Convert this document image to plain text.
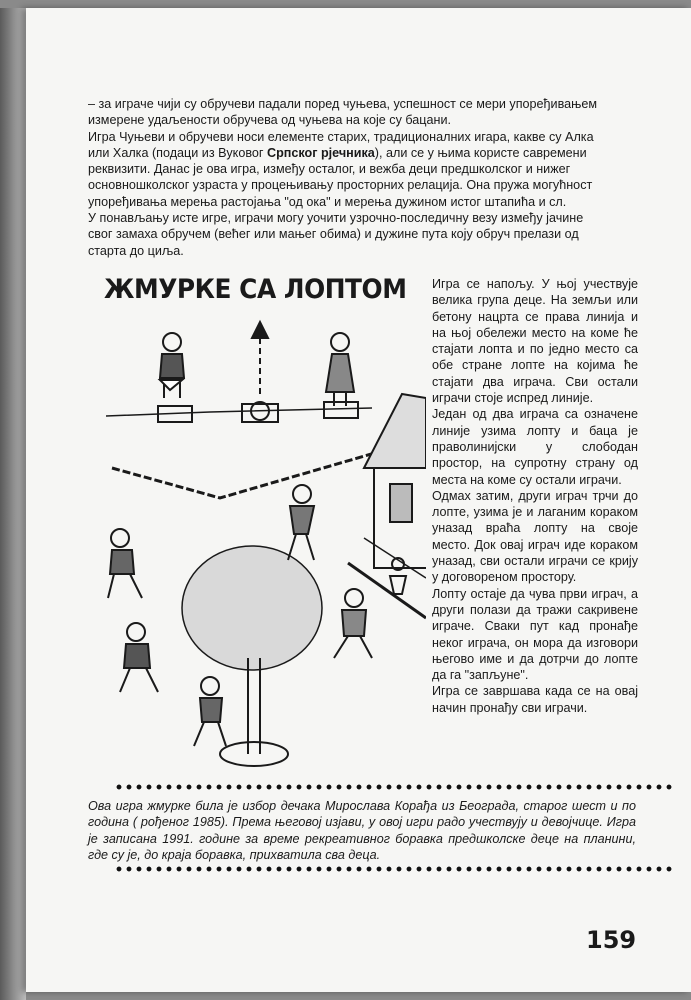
– за играче чији су обручеви падали поред чуњева, успешност се мери упоређивањем
измерене удаљености обручева од чуњева на које су бацани.
Игра Чуњеви и обручеви носи елементе старих, традиционалних игара, какве су Алка
или Халка (подаци из Вуковог Српског рјечника), али се у њима користе савремени
реквизити. Данас је ова игра, између осталог, и вежба деци предшколског и нижег
основношколског узраста у процењивању просторних релација. Она пружа могућност
упоређивања мерења растојања "од ока" и мерења дужином истог штапића и сл.
У понављању исте игре, играчи могу уочити узрочно-последичну везу између јачине
свог замаха обручем (већег или мањег обима) и дужине пута коју обруч прелази од
старта до циља.
ЖМУРКЕ СА ЛОПТОМ Игра се напољу. У њој учествује велика група деце. На земљи или бетону нацрта се права линија и на њој обележи место на коме ће стајати лопта и по једно место са обе стране лопте на којима ће стајати два играча. Сви остали играчи стоје испред линије.

Један од два играча са означене линије узима лопту и баца је праволинијски у слободан простор, на супротну страну од места на коме су остали играчи.

Одмах затим, други играч трчи до лопте, узима је и лаганим кораком уназад враћа лопту на своје место. Док овај играч иде кораком уназад, сви остали играчи се крију у договореном простору.

Лопту остаје да чува први играч, а други полази да тражи сакривене играче. Сваки пут кад пронађе неког играча, он мора да изговори његово име и да дотрчи до лопте да га "запљуне".

Игра се завршава када се на овај начин пронађу сви играчи.

Ова игра жмурке била је избор дечака Мирослава Корађа из Београда, старог шест и по година ( рођеног 1985). Према његовој изјави, у овој игри радо учествују и девојчице. Игра је записана 1991. године за време рекреативног боравка предшколске деце на планини, где су је, до краја боравка, прихватила сва деца.

159
